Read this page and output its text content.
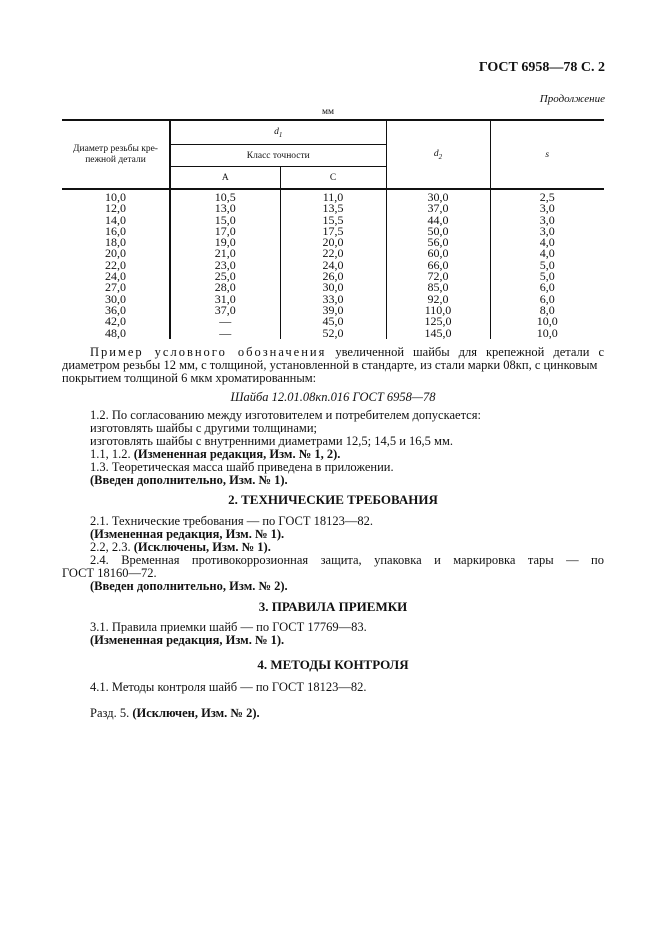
ГОСТ 6958—78 С. 2
Продолжение
мм
Диаметр резьбы кре-
пежной детали	$d_1$		$d_2$	s
	Класс точности			
	А	С		
10,0	10,5	11,0	30,0	2,5
12,0	13,0	13,5	37,0	3,0
14,0	15,0	15,5	44,0	3,0
16,0	17,0	17,5	50,0	3,0
18,0	19,0	20,0	56,0	4,0
20,0	21,0	22,0	60,0	4,0
22,0	23,0	24,0	66,0	5,0
24,0	25,0	26,0	72,0	5,0
27,0	28,0	30,0	85,0	6,0
30,0	31,0	33,0	92,0	6,0
36,0	37,0	39,0	110,0	8,0
42,0	—	45,0	125,0	10,0
48,0	—	52,0	145,0	10,0
Пример условного обозначения увеличенной шайбы для крепежной детали с
диаметром резьбы 12 мм, с толщиной, установленной в стандарте, из стали марки 08кп, с цинковым
покрытием толщиной 6 мкм хроматированным:
Шайба 12.01.08кп.016 ГОСТ 6958—78
1.2. По согласованию между изготовителем и потребителем допускается:
изготовлять шайбы с другими толщинами;
изготовлять шайбы с внутренними диаметрами 12,5; 14,5 и 16,5 мм.
1.1, 1.2. (Измененная редакция, Изм. № 1, 2).
1.3. Теоретическая масса шайб приведена в приложении.
(Введен дополнительно, Изм. № 1).
2. ТЕХНИЧЕСКИЕ ТРЕБОВАНИЯ
2.1. Технические требования — по ГОСТ 18123—82.
(Измененная редакция, Изм. № 1).
2.2, 2.3. (Исключены, Изм. № 1).
2.4. Временная противокоррозионная защита, упаковка и маркировка тары — по
ГОСТ 18160—72.
(Введен дополнительно, Изм. № 2).
3. ПРАВИЛА ПРИЕМКИ
3.1. Правила приемки шайб — по ГОСТ 17769—83.
(Измененная редакция, Изм. № 1).
4. МЕТОДЫ КОНТРОЛЯ
4.1. Методы контроля шайб — по ГОСТ 18123—82.
Разд. 5. (Исключен, Изм. № 2).
